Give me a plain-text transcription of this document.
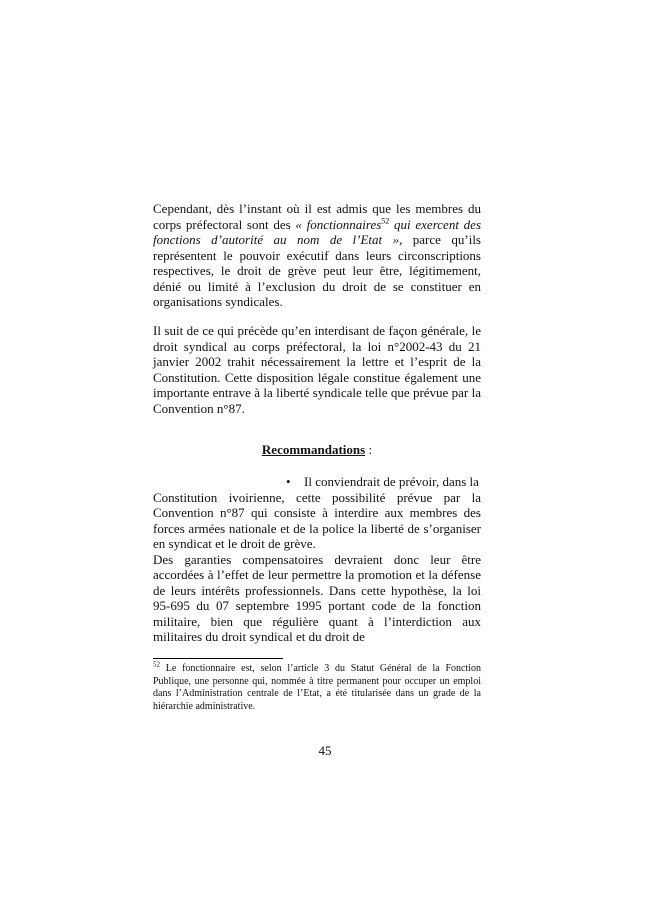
Cependant, dès l’instant où il est admis que les membres du corps préfectoral sont des « fonctionnaires$^{52}$ qui exercent des fonctions d’autorité au nom de l’Etat », parce qu’ils représentent le pouvoir exécutif dans leurs circonscriptions respectives, le droit de grève peut leur être, légitimement, dénié ou limité à l’exclusion du droit de se constituer en organisations syndicales.

Il suit de ce qui précède qu’en interdisant de façon générale, le droit syndical au corps préfectoral, la loi n°2002-43 du 21 janvier 2002 trahit nécessairement la lettre et l’esprit de la Constitution. Cette disposition légale constitue également une importante entrave à la liberté syndicale telle que prévue par la Convention n°87.

Recommandations :
• Il conviendrait de prévoir, dans la

Constitution ivoirienne, cette possibilité prévue par la Convention n°87 qui consiste à interdire aux membres des forces armées nationale et de la police la liberté de s’organiser en syndicat et le droit de grève.

Des garanties compensatoires devraient donc leur être accordées à l’effet de leur permettre la promotion et la défense de leurs intérêts professionnels. Dans cette hypothèse, la loi 95-695 du 07 septembre 1995 portant code de la fonction militaire, bien que régulière quant à l’interdiction aux militaires du droit syndical et du droit de

$^{52}$ Le fonctionnaire est, selon l’article 3 du Statut Général de la Fonction Publique, une personne qui, nommée à titre permanent pour occuper un emploi dans l’Administration centrale de l’Etat, a été titularisée dans un grade de la hiérarchie administrative.

45
